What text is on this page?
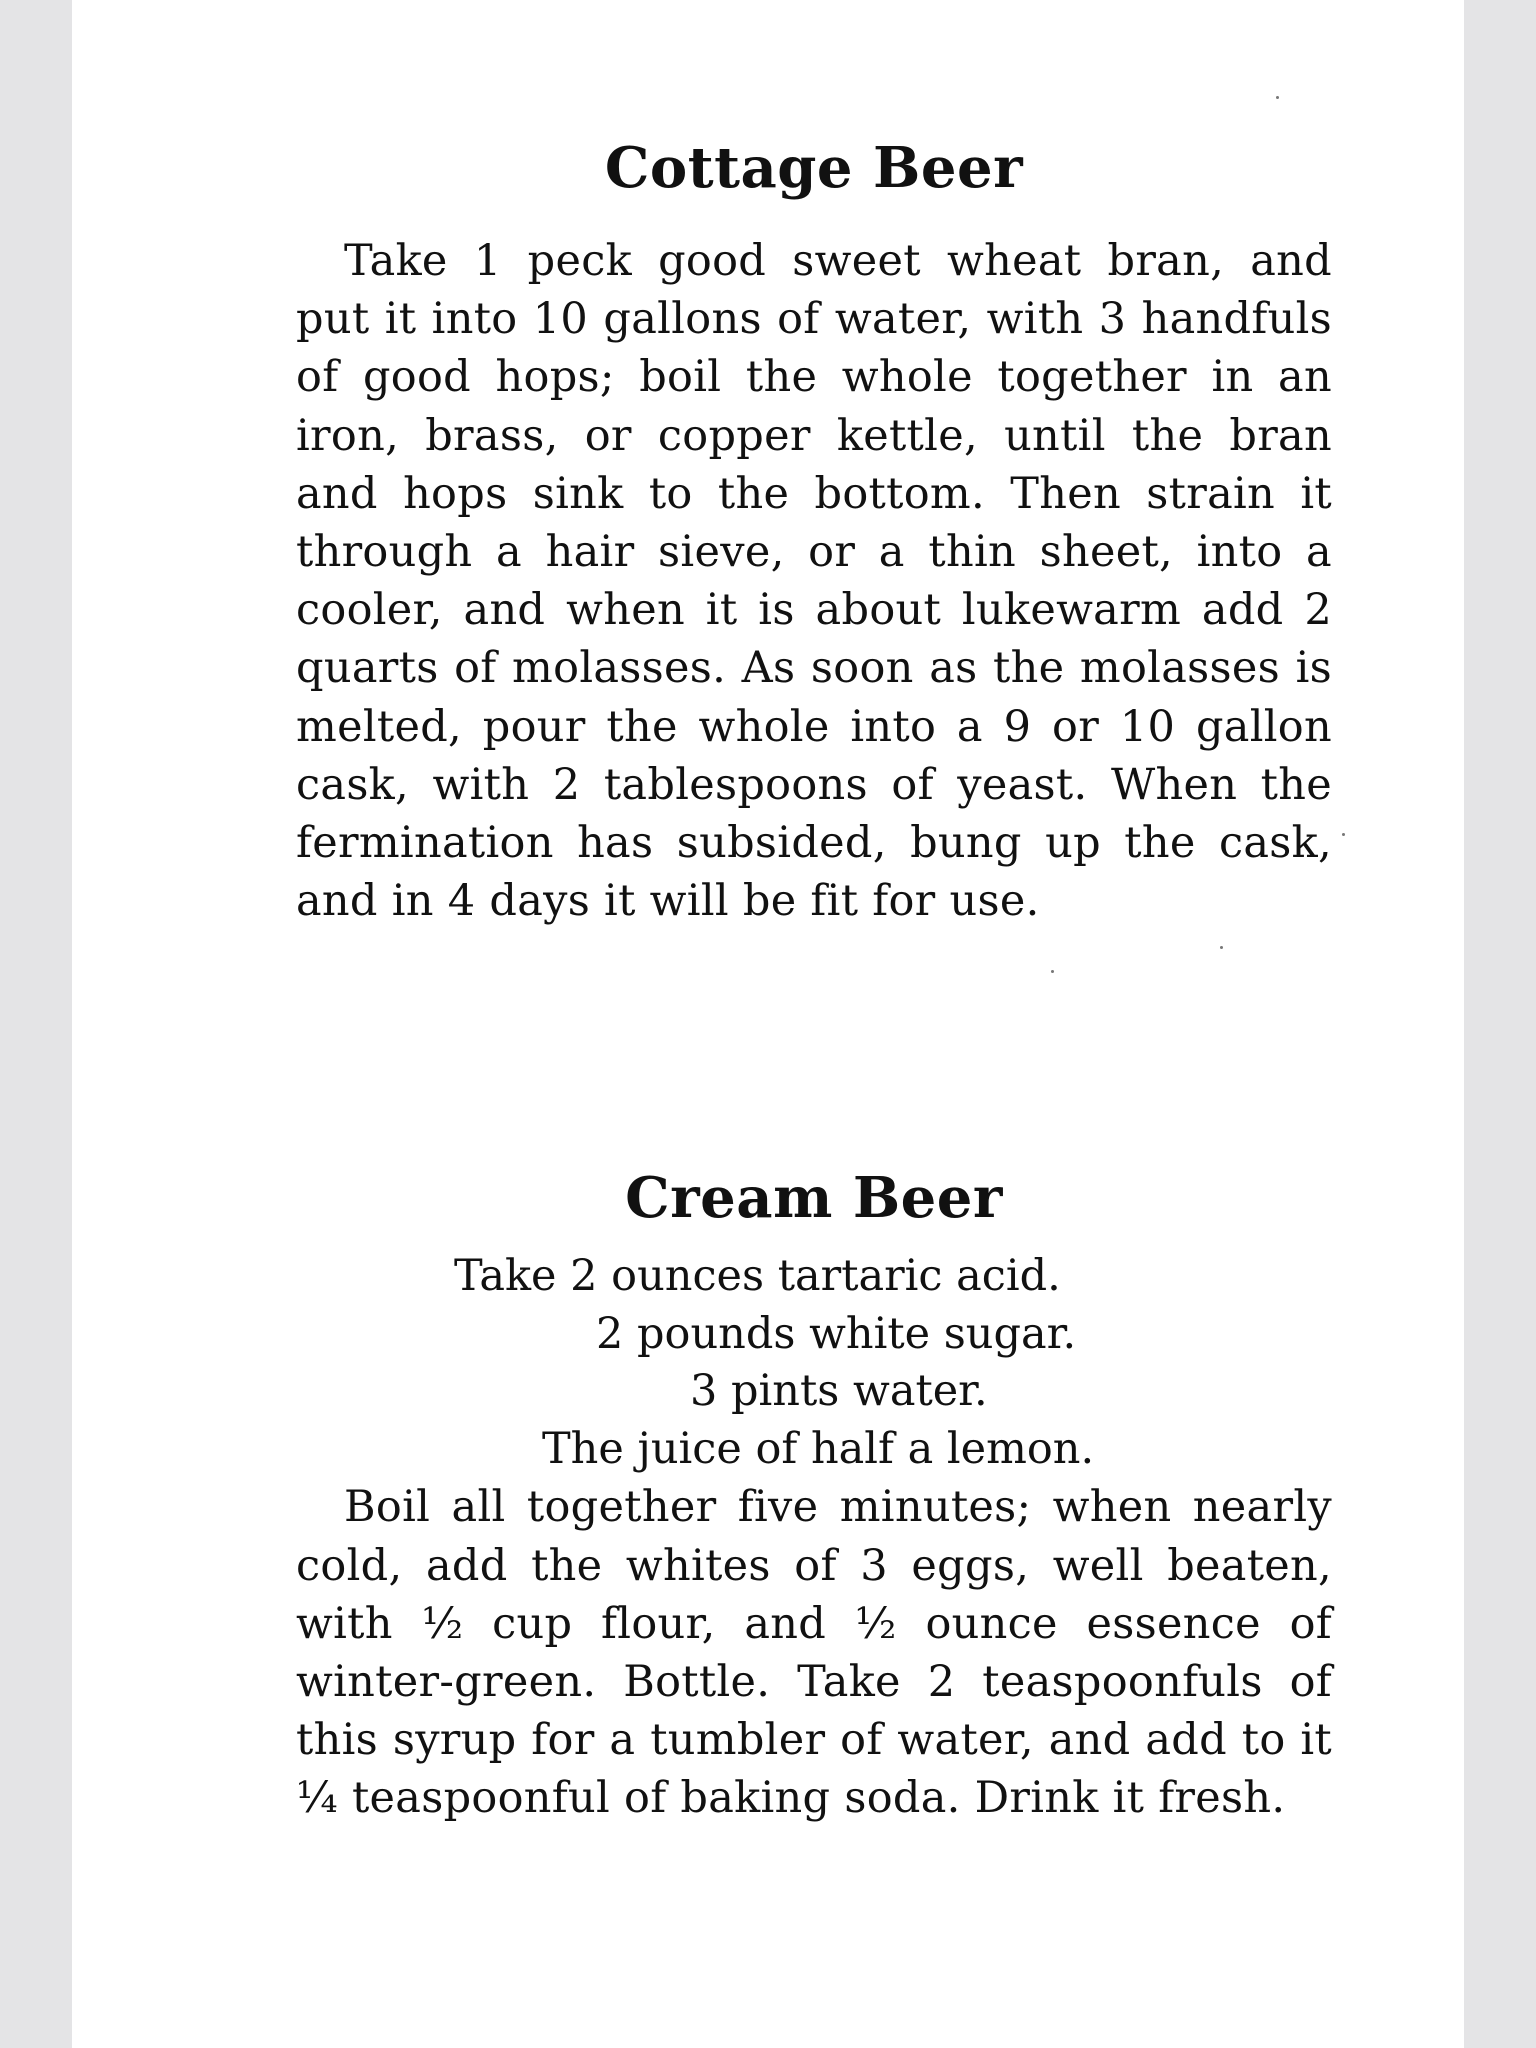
Cottage Beer

Take 1 peck good sweet wheat bran, and put it into 10 gallons of water, with 3 handfuls of good hops; boil the whole together in an iron, brass, or copper kettle, until the bran and hops sink to the bottom. Then strain it through a hair sieve, or a thin sheet, into a cooler, and when it is about lukewarm add 2 quarts of molasses. As soon as the molasses is melted, pour the whole into a 9 or 10 gallon cask, with 2 tablespoons of yeast. When the fermination has subsided, bung up the cask, and in 4 days it will be fit for use.

Cream Beer
Take 2 ounces tartaric acid.
2 pounds white sugar.
3 pints water.
The juice of half a lemon.

Boil all together five minutes; when nearly cold, add the whites of 3 eggs, well beaten, with ½ cup flour, and ½ ounce essence of winter-green. Bottle. Take 2 teaspoonfuls of this syrup for a tumbler of water, and add to it ¼ teaspoonful of baking soda. Drink it fresh.
